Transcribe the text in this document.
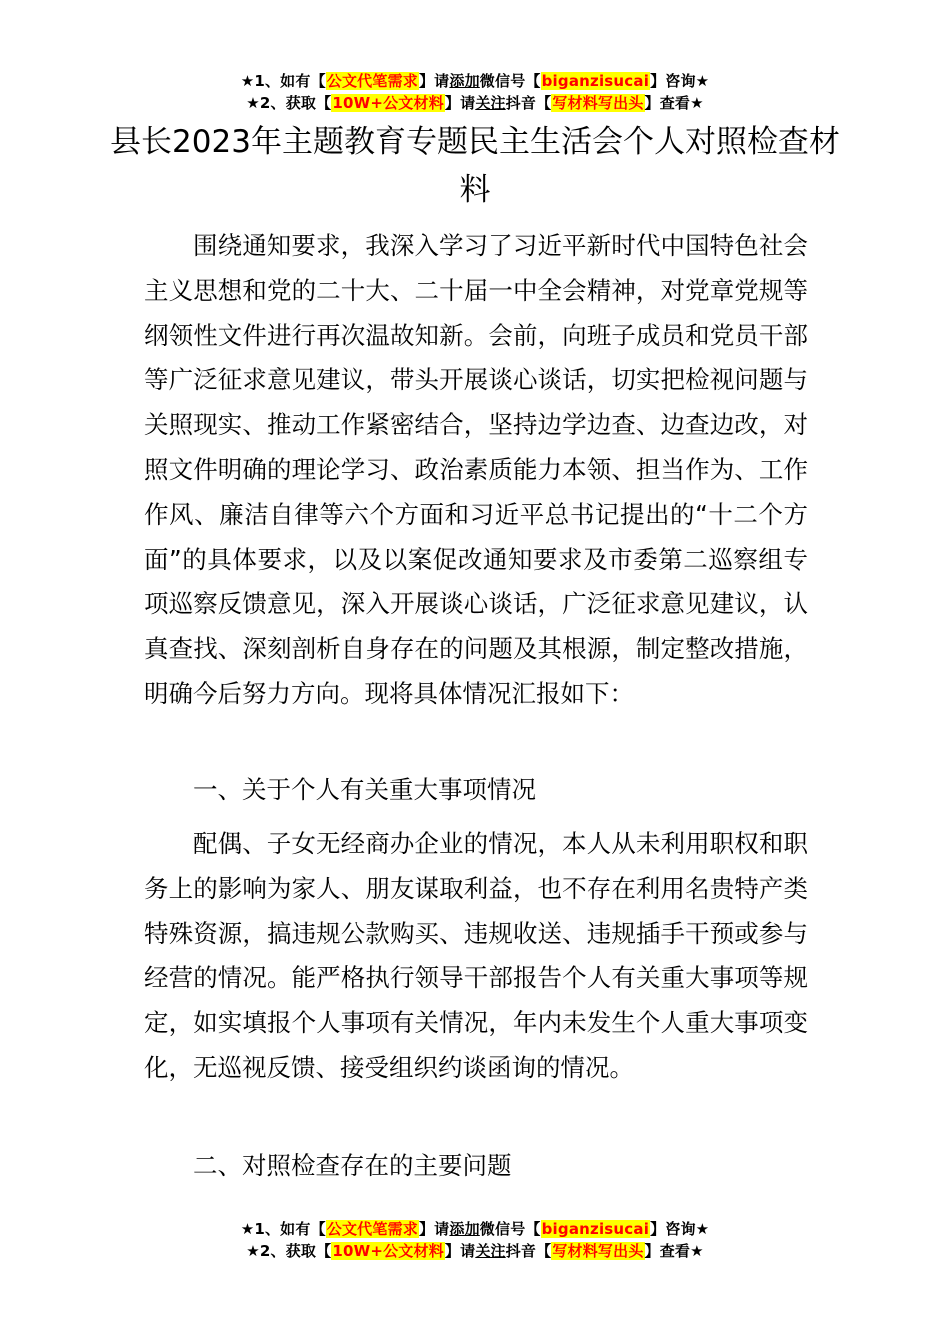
★1、如有【公文代笔需求】请添加微信号【biganzisucai】咨询★
★2、获取【10W+公文材料】请关注抖音【写材料写出头】查看★
县长2023年主题教育专题民主生活会个人对照检查材料

围绕通知要求，我深入学习了习近平新时代中国特色社会主义思想和党的二十大、二十届一中全会精神，对党章党规等纲领性文件进行再次温故知新。会前，向班子成员和党员干部等广泛征求意见建议，带头开展谈心谈话，切实把检视问题与关照现实、推动工作紧密结合，坚持边学边查、边查边改，对照文件明确的理论学习、政治素质能力本领、担当作为、工作作风、廉洁自律等六个方面和习近平总书记提出的“十二个方面”的具体要求，以及以案促改通知要求及市委第二巡察组专项巡察反馈意见，深入开展谈心谈话，广泛征求意见建议，认真查找、深刻剖析自身存在的问题及其根源，制定整改措施，明确今后努力方向。现将具体情况汇报如下：

一、关于个人有关重大事项情况

配偶、子女无经商办企业的情况，本人从未利用职权和职务上的影响为家人、朋友谋取利益，也不存在利用名贵特产类特殊资源，搞违规公款购买、违规收送、违规插手干预或参与经营的情况。能严格执行领导干部报告个人有关重大事项等规定，如实填报个人事项有关情况，年内未发生个人重大事项变化，无巡视反馈、接受组织约谈函询的情况。

二、对照检查存在的主要问题

★1、如有【公文代笔需求】请添加微信号【biganzisucai】咨询★
★2、获取【10W+公文材料】请关注抖音【写材料写出头】查看★
